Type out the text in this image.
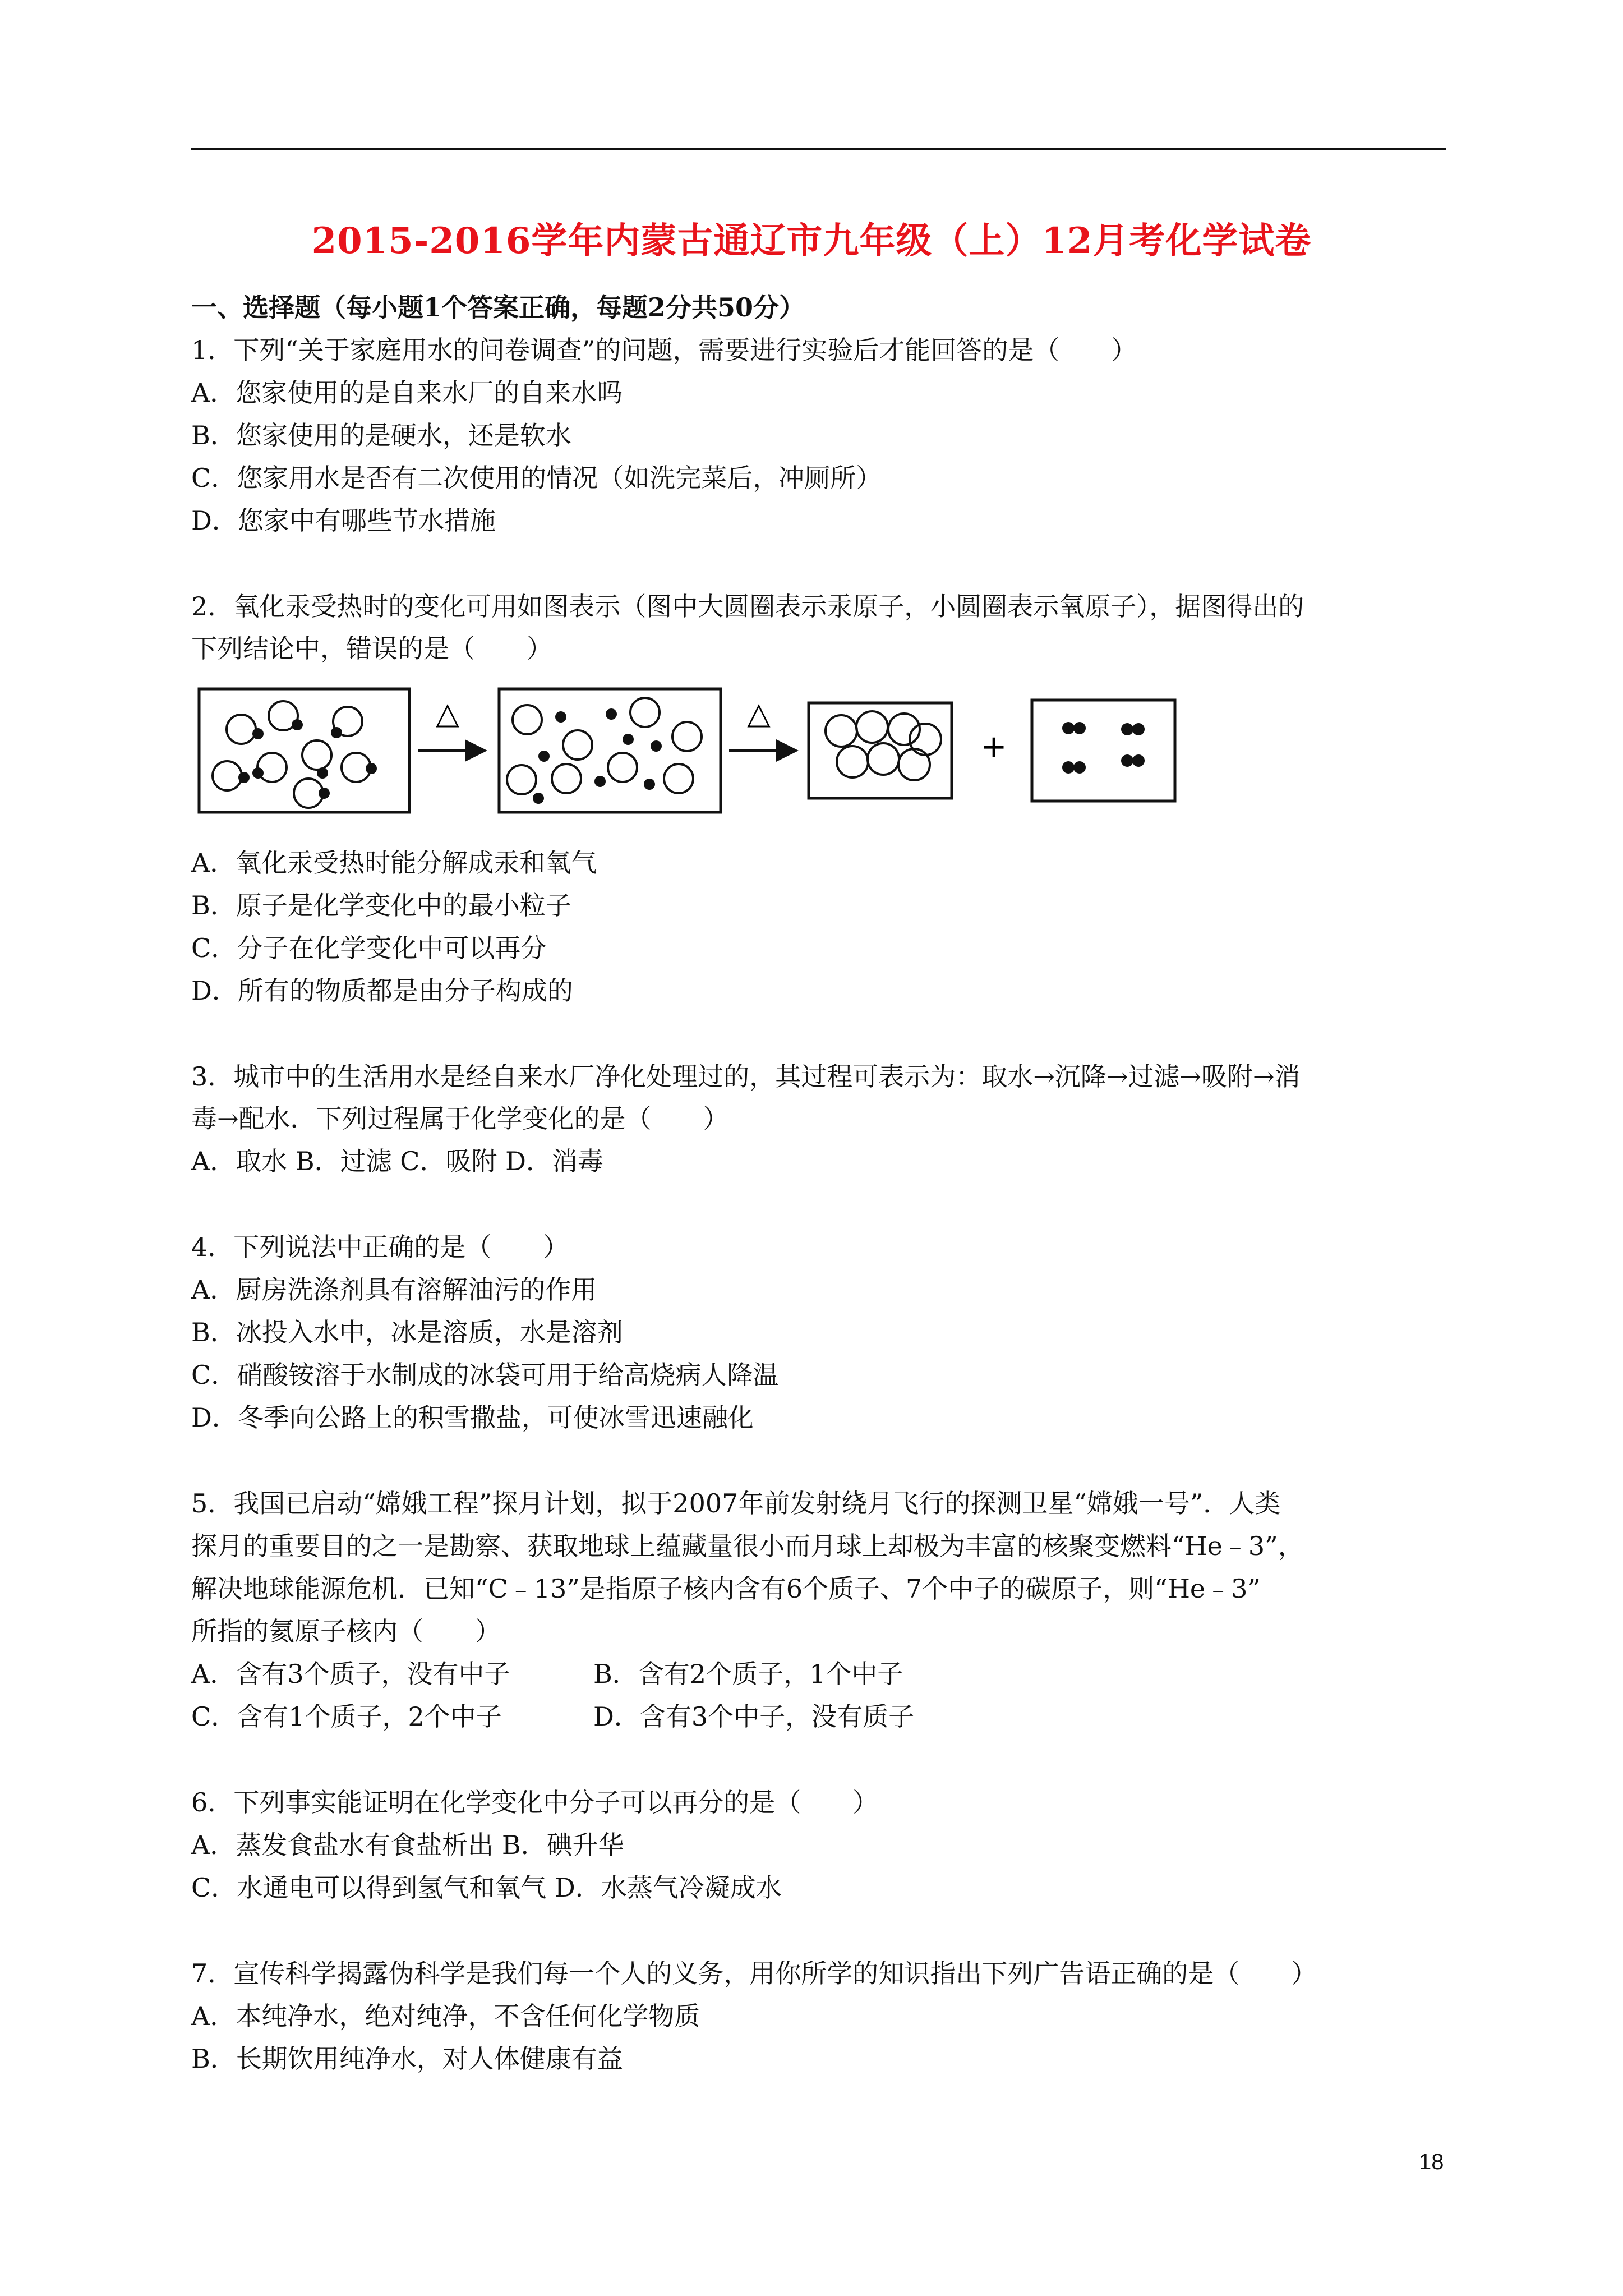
2015-2016学年内蒙古通辽市九年级（上）12月考化学试卷
一、选择题（每小题1个答案正确，每题2分共50分）
1．下列“关于家庭用水的问卷调查”的问题，需要进行实验后才能回答的是（　　）
A．您家使用的是自来水厂的自来水吗
B．您家使用的是硬水，还是软水
C．您家用水是否有二次使用的情况（如洗完菜后，冲厕所）
D．您家中有哪些节水措施
2．氧化汞受热时的变化可用如图表示（图中大圆圈表示汞原子，小圆圈表示氧原子），据图得出的
下列结论中，错误的是（　　）
△	△
+
A．氧化汞受热时能分解成汞和氧气
B．原子是化学变化中的最小粒子
C．分子在化学变化中可以再分
D．所有的物质都是由分子构成的
3．城市中的生活用水是经自来水厂净化处理过的，其过程可表示为：取水→沉降→过滤→吸附→消
毒→配水．下列过程属于化学变化的是（　　）
A．取水 B．过滤 C．吸附 D．消毒
4．下列说法中正确的是（　　）
A．厨房洗涤剂具有溶解油污的作用
B．冰投入水中，冰是溶质，水是溶剂
C．硝酸铵溶于水制成的冰袋可用于给高烧病人降温
D．冬季向公路上的积雪撒盐，可使冰雪迅速融化
5．我国已启动“嫦娥工程”探月计划，拟于2007年前发射绕月飞行的探测卫星“嫦娥一号”．人类
探月的重要目的之一是勘察、获取地球上蕴藏量很小而月球上却极为丰富的核聚变燃料“He﹣3”，
解决地球能源危机．已知“C﹣13”是指原子核内含有6个质子、7个中子的碳原子，则“He﹣3”
所指的氦原子核内（　　）
A．含有3个质子，没有中子	B．含有2个质子，1个中子
C．含有1个质子，2个中子	D．含有3个中子，没有质子
6．下列事实能证明在化学变化中分子可以再分的是（　　）
A．蒸发食盐水有食盐析出 B．碘升华
C．水通电可以得到氢气和氧气 D．水蒸气冷凝成水
7．宣传科学揭露伪科学是我们每一个人的义务，用你所学的知识指出下列广告语正确的是（　　）
A．本纯净水，绝对纯净，不含任何化学物质
B．长期饮用纯净水，对人体健康有益
18
